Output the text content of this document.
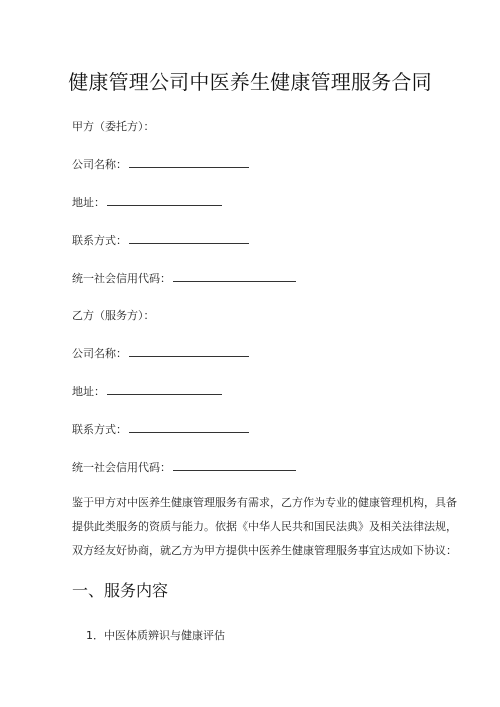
健康管理公司中医养生健康管理服务合同
甲方（委托方）：
公司名称：
地址：
联系方式：
统一社会信用代码：
乙方（服务方）：
公司名称：
地址：
联系方式：
统一社会信用代码：
鉴于甲方对中医养生健康管理服务有需求，乙方作为专业的健康管理机构，具备
提供此类服务的资质与能力。依据《中华人民共和国民法典》及相关法律法规，
双方经友好协商，就乙方为甲方提供中医养生健康管理服务事宜达成如下协议：
一、服务内容
1．中医体质辨识与健康评估
